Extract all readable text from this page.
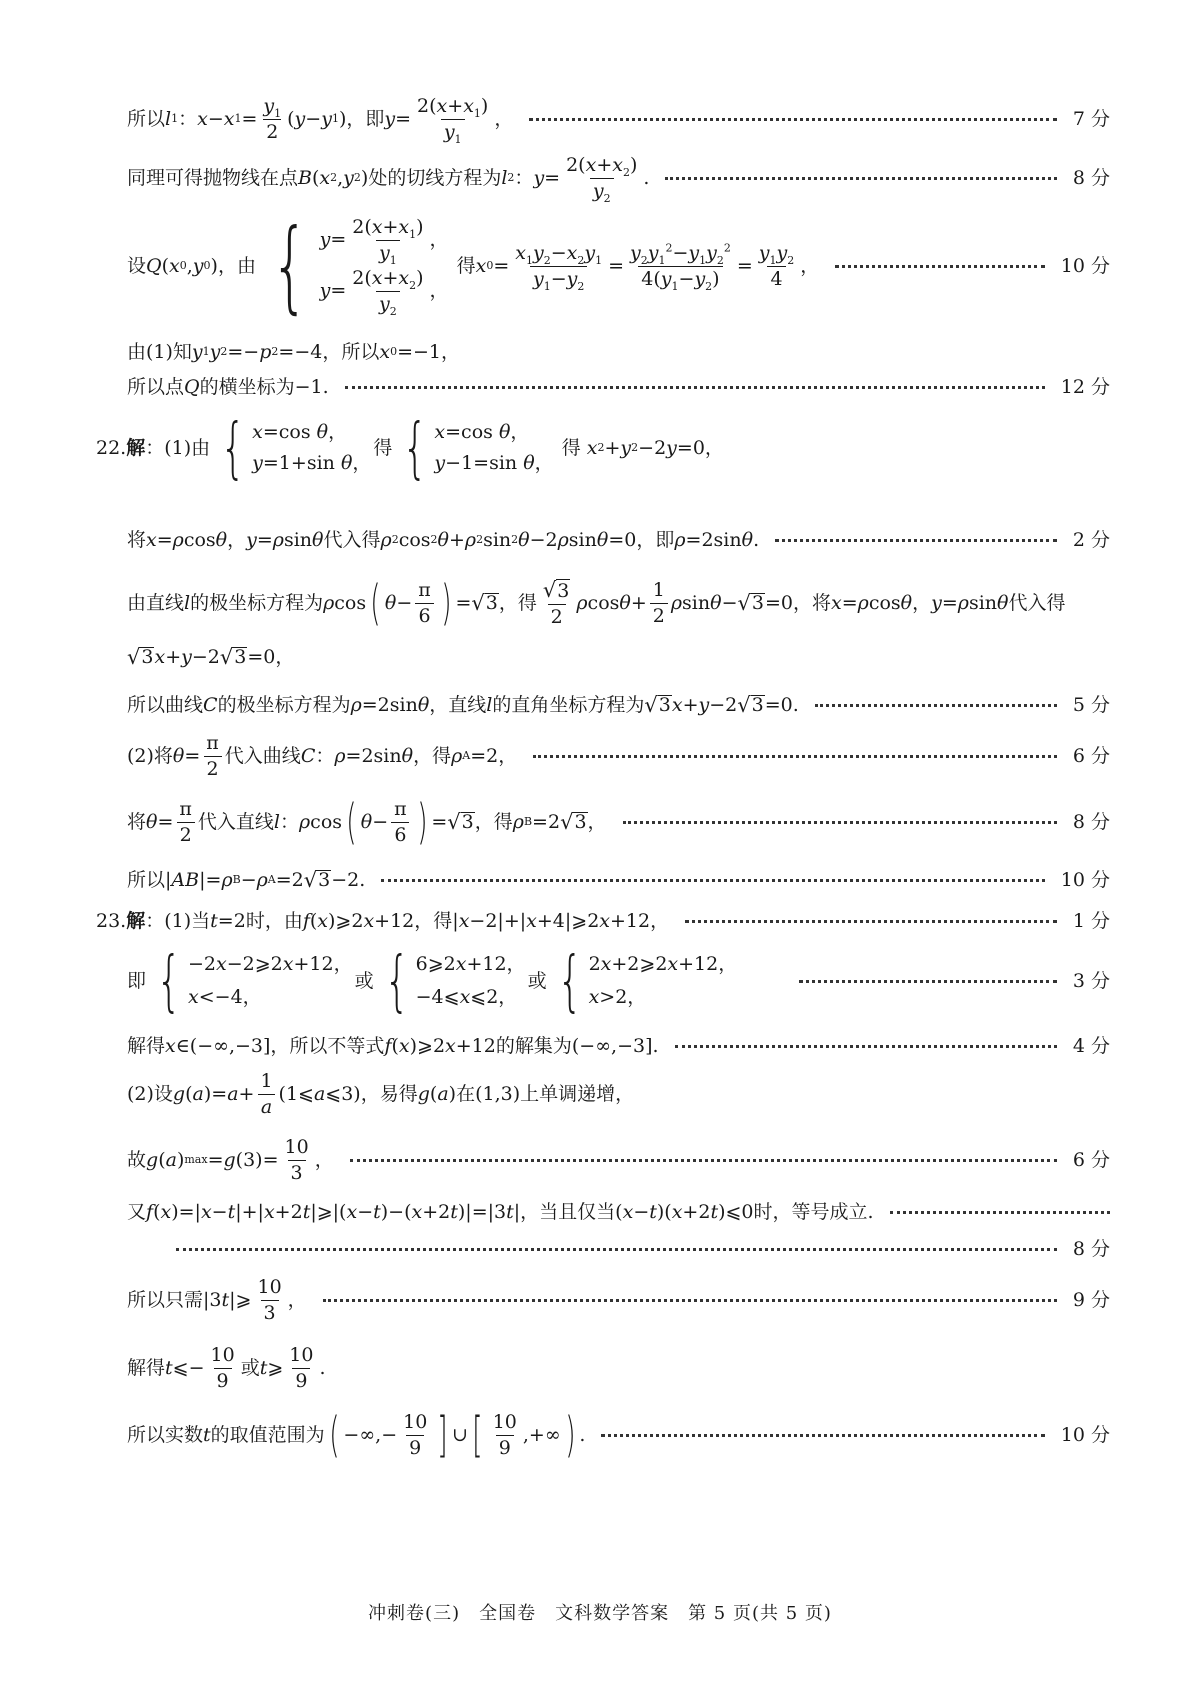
所以 l 1 ： x − x $1 = \frac{y_1}{2}$ ( y − y 1 ) ，即 $y = \frac{2(x+x_1)}{y_1}$ ，	7 分
同理可得抛物线在点 B ( x 2 , y 2 ) 处的切线方程为 l 2 ： $y = \frac{2(x+x_2)}{y_2}$ .	8 分
设 Q ( x 0 , y 0 ) ，由 { $y= \frac{2(x+x_1)}{y_1}$ ，
$y= \frac{2(x+x_2)}{y_2}$ ，

得 x $0 = \frac{x_1y_2-x_2y_1}{y_1-y_2} = \frac{y_2y_1^2-y_1y_2^2}{4(y_1-y_2)} = \frac{y_1y_2}{4}$ ，	10 分
由(1)知 y 1 y 2 =− p 2 =−4 ，所以 x 0 =−1，
所以点 Q 的横坐标为−1.	12 分
22. 解 ：(1)由 { x=cos θ，
y=1+sin θ，
得 { x=cos θ，
y−1=sin θ，

得
x 2 + y 2 −2 y =0，
将 x = ρ cos θ ， y = ρ sin θ 代入得 ρ 2 cos 2 θ + ρ 2 sin 2 θ −2 ρ sin θ =0 ，即 ρ =2sin θ .	2 分
由直线 l 的极坐标方程为 ρ cos ( $\theta - \frac{\pi}{6}$ ) = √ 3 ，得 $\frac{√3}{2}$ ρ $\cos \theta + \frac{1}{2}$ ρ sin θ − √ 3 =0 ，将 x = ρ cos θ ， y = ρ sin θ 代入得
√ 3 x + y −2 √ 3 =0，
所以曲线 C 的极坐标方程为 ρ =2sin θ ，直线 l 的直角坐标方程为 √ 3 x + y −2 √ 3 =0.	5 分
(2)将 $\theta = \frac{\pi}{2}$ 代入曲线 C ： ρ =2sin θ ，得 ρ A =2，	6 分
将 $\theta = \frac{\pi}{2}$ 代入直线 l ： ρ cos ( $\theta - \frac{\pi}{6}$ ) = √ 3 ，得 ρ B =2 √ 3 ，	8 分
所以 | AB |= ρ B − ρ A =2 √ 3 −2.	10 分
23. 解 ：(1)当 t =2 时，由 f ( x )⩾2 x +12 ，得 | x −2|+| x +4|⩾2 x +12，	1 分
即 { −2x−2⩾2x+12，
x<−4，
或 { 6⩾2x+12，
−4⩽x⩽2，
或 { 2x+2⩾2x+12，
x>2，
3 分
解得 x ∈(−∞,−3] ，所以不等式 f ( x )⩾2 x +12 的解集为 (−∞,−3].	4 分
(2)设 g ( a )= $a + \frac{1}{a}$ (1⩽ a ⩽3) ，易得 g ( a ) 在(1,3)上单调递增，
故 g ( a ) max = g $(3)= \frac{10}{3}$ ，	6 分
又 f ( x )=| x − t |+| x +2 t |⩾|( x − t )−( x +2 t )|=|3 t | ，当且仅当 ( x − t )( x +2 t )⩽0 时，等号成立.
8 分
所以只需 |3 t |⩾ $\frac{10}{3}$ ，	9 分
解得 t ⩽− $\frac{10}{9}$ 或 t ⩾ $\frac{10}{9}$ .
所以实数 t 的取值范围为 ( −∞,− $\frac{10}{9}$ ] ∪ [ $\frac{10}{9}$ ,+∞ ) .	10 分
冲刺卷(三)　全国卷　文科数学答案　第 5 页(共 5 页)
